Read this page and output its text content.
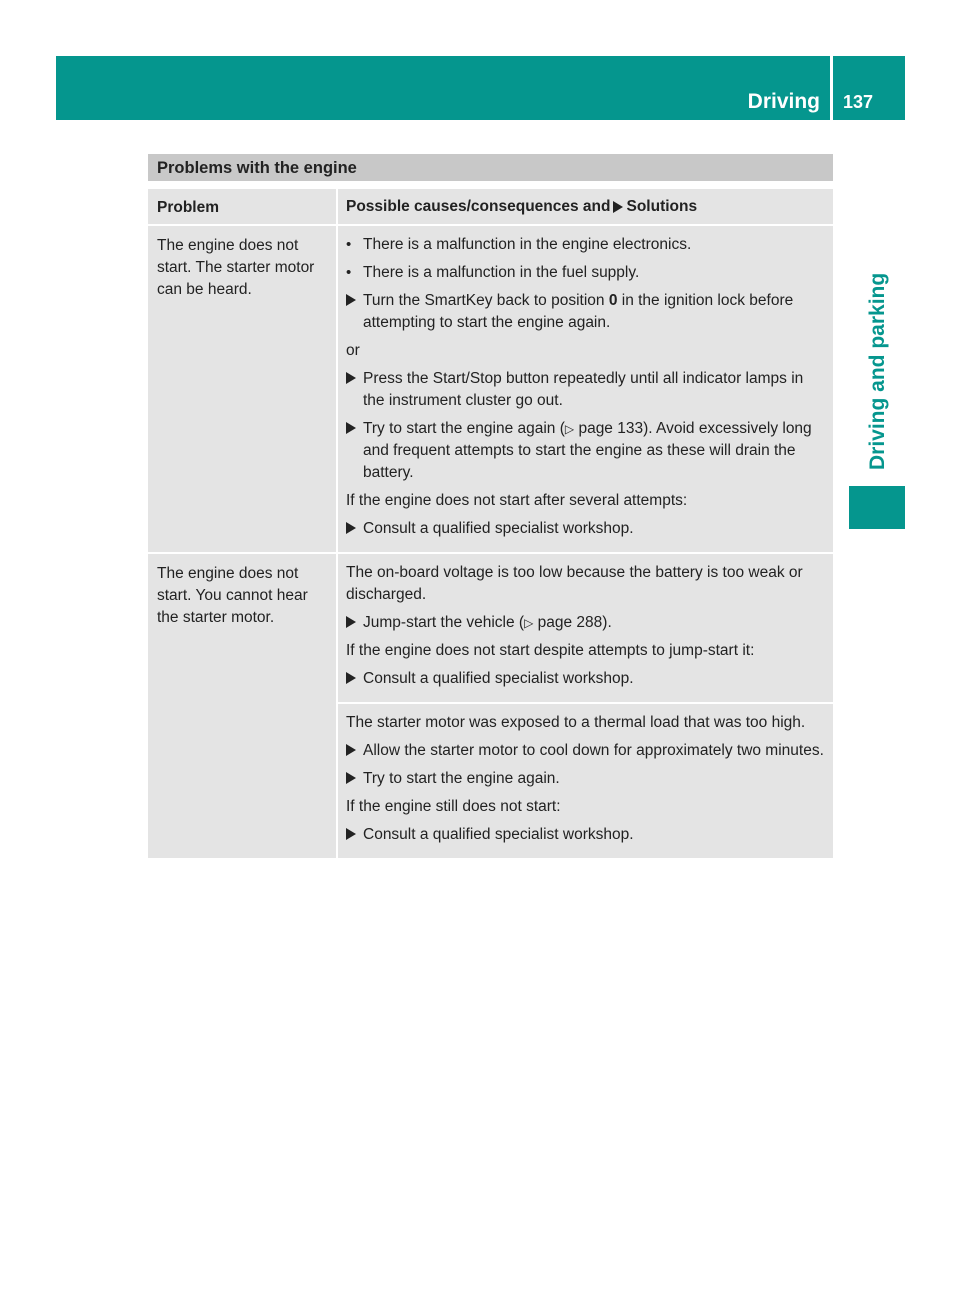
Driving 137
Driving and parking
Problems with the engine
Problem	Possible causes/consequences and Solutions
The engine does not start. The starter motor can be heard.
• There is a malfunction in the engine electronics.
• There is a malfunction in the fuel supply.
Turn the SmartKey back to position 0 in the ignition lock before attempting to start the engine again.
or
Press the Start/Stop button repeatedly until all indicator lamps in the instrument cluster go out.
Try to start the engine again (▷ page 133). Avoid excessively long and frequent attempts to start the engine as these will drain the battery.
If the engine does not start after several attempts:
Consult a qualified specialist workshop.
The engine does not start. You cannot hear the starter motor.
The on-board voltage is too low because the battery is too weak or discharged.
Jump-start the vehicle (▷ page 288).
If the engine does not start despite attempts to jump-start it:
Consult a qualified specialist workshop.
The starter motor was exposed to a thermal load that was too high.
Allow the starter motor to cool down for approximately two minutes.
Try to start the engine again.
If the engine still does not start:
Consult a qualified specialist workshop.
